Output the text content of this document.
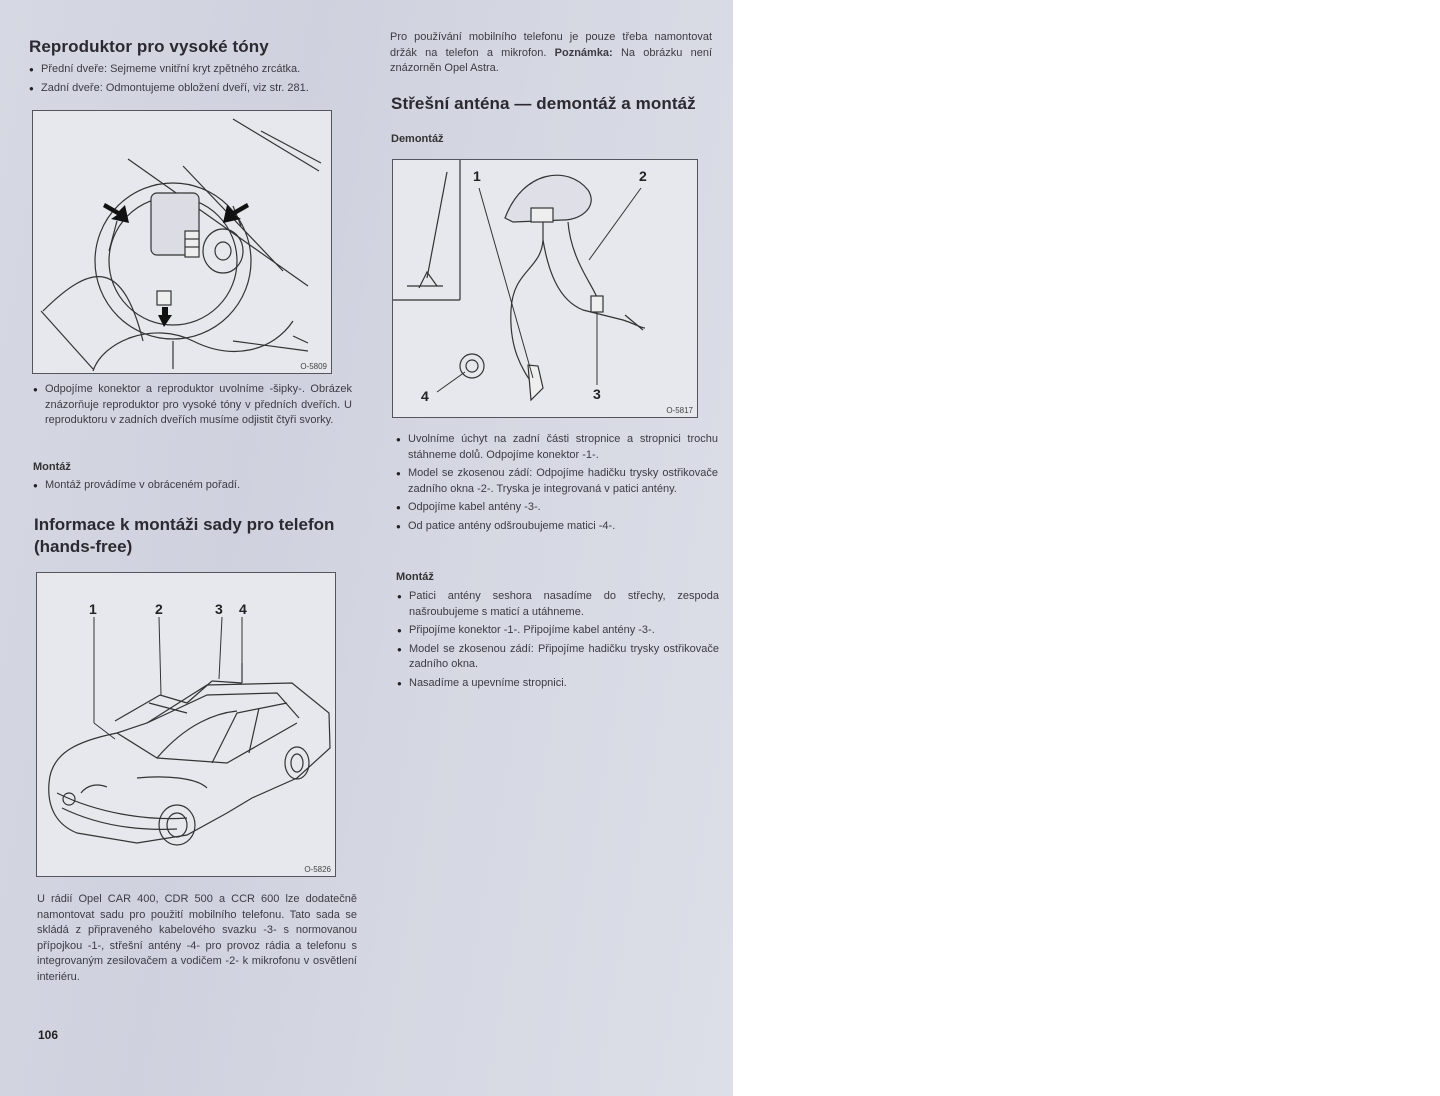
Reproduktor pro vysoké tóny

● Přední dveře: Sejmeme vnitřní kryt zpětného zrcátka.

● Zadní dveře: Odmontujeme obložení dveří, viz str. 281.

O-5809

● Odpojíme konektor a reproduktor uvolníme -šipky-. Obrázek znázorňuje reproduktor pro vysoké tóny v předních dveřích. U reproduktoru v zadních dveřích musíme odjistit čtyři svorky.

Montáž

● Montáž provádíme v obráceném pořadí.

Informace k montáži sady pro telefon (hands-free)
1	2	3 4
O-5826

U rádií Opel CAR 400, CDR 500 a CCR 600 lze dodatečně namontovat sadu pro použití mobilního telefonu. Tato sada se skládá z připraveného kabelového svazku -3- s normovanou přípojkou -1-, střešní antény -4- pro provoz rádia a telefonu s integrovaným zesilovačem a vodičem -2- k mikrofonu v osvětlení interiéru.

106

Pro používání mobilního telefonu je pouze třeba namontovat držák na telefon a mikrofon. Poznámka: Na obrázku není znázorněn Opel Astra.

Střešní anténa — demontáž a montáž
Demontáž
1	2
3
4
O-5817

● Uvolníme úchyt na zadní části stropnice a stropnici trochu stáhneme dolů. Odpojíme konektor -1-.

● Model se zkosenou zádí: Odpojíme hadičku trysky ostřikovače zadního okna -2-. Tryska je integrovaná v patici antény.

● Odpojíme kabel antény -3-.

● Od patice antény odšroubujeme matici -4-.

Montáž

● Patici antény seshora nasadíme do střechy, zespoda našroubujeme s maticí a utáhneme.

● Připojíme konektor -1-. Připojíme kabel antény -3-.

● Model se zkosenou zádí: Připojíme hadičku trysky ostřikovače zadního okna.

● Nasadíme a upevníme stropnici.
